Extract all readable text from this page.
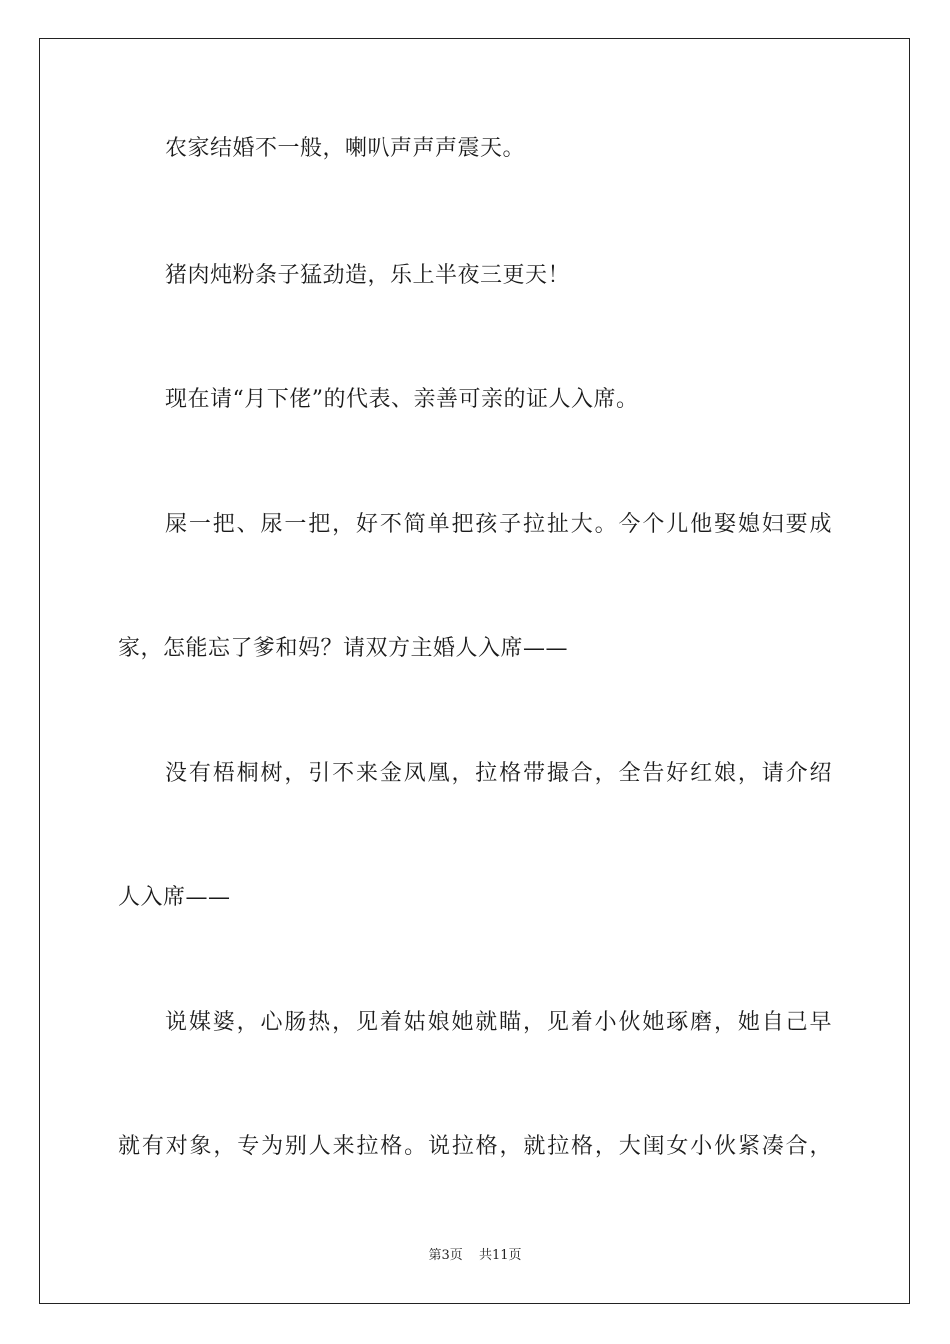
农家结婚不一般，喇叭声声声震天。
猪肉炖粉条子猛劲造，乐上半夜三更天！
现在请“月下佬”的代表、亲善可亲的证人入席。
屎一把、尿一把，好不简单把孩子拉扯大。今个儿他娶媳妇要成
家，怎能忘了爹和妈？请双方主婚人入席——
没有梧桐树，引不来金凤凰，拉格带撮合，全告好红娘，请介绍
人入席——
说媒婆，心肠热，见着姑娘她就瞄，见着小伙她琢磨，她自己早
就有对象，专为别人来拉格。说拉格，就拉格，大闺女小伙紧凑合，
第3页 共11页
